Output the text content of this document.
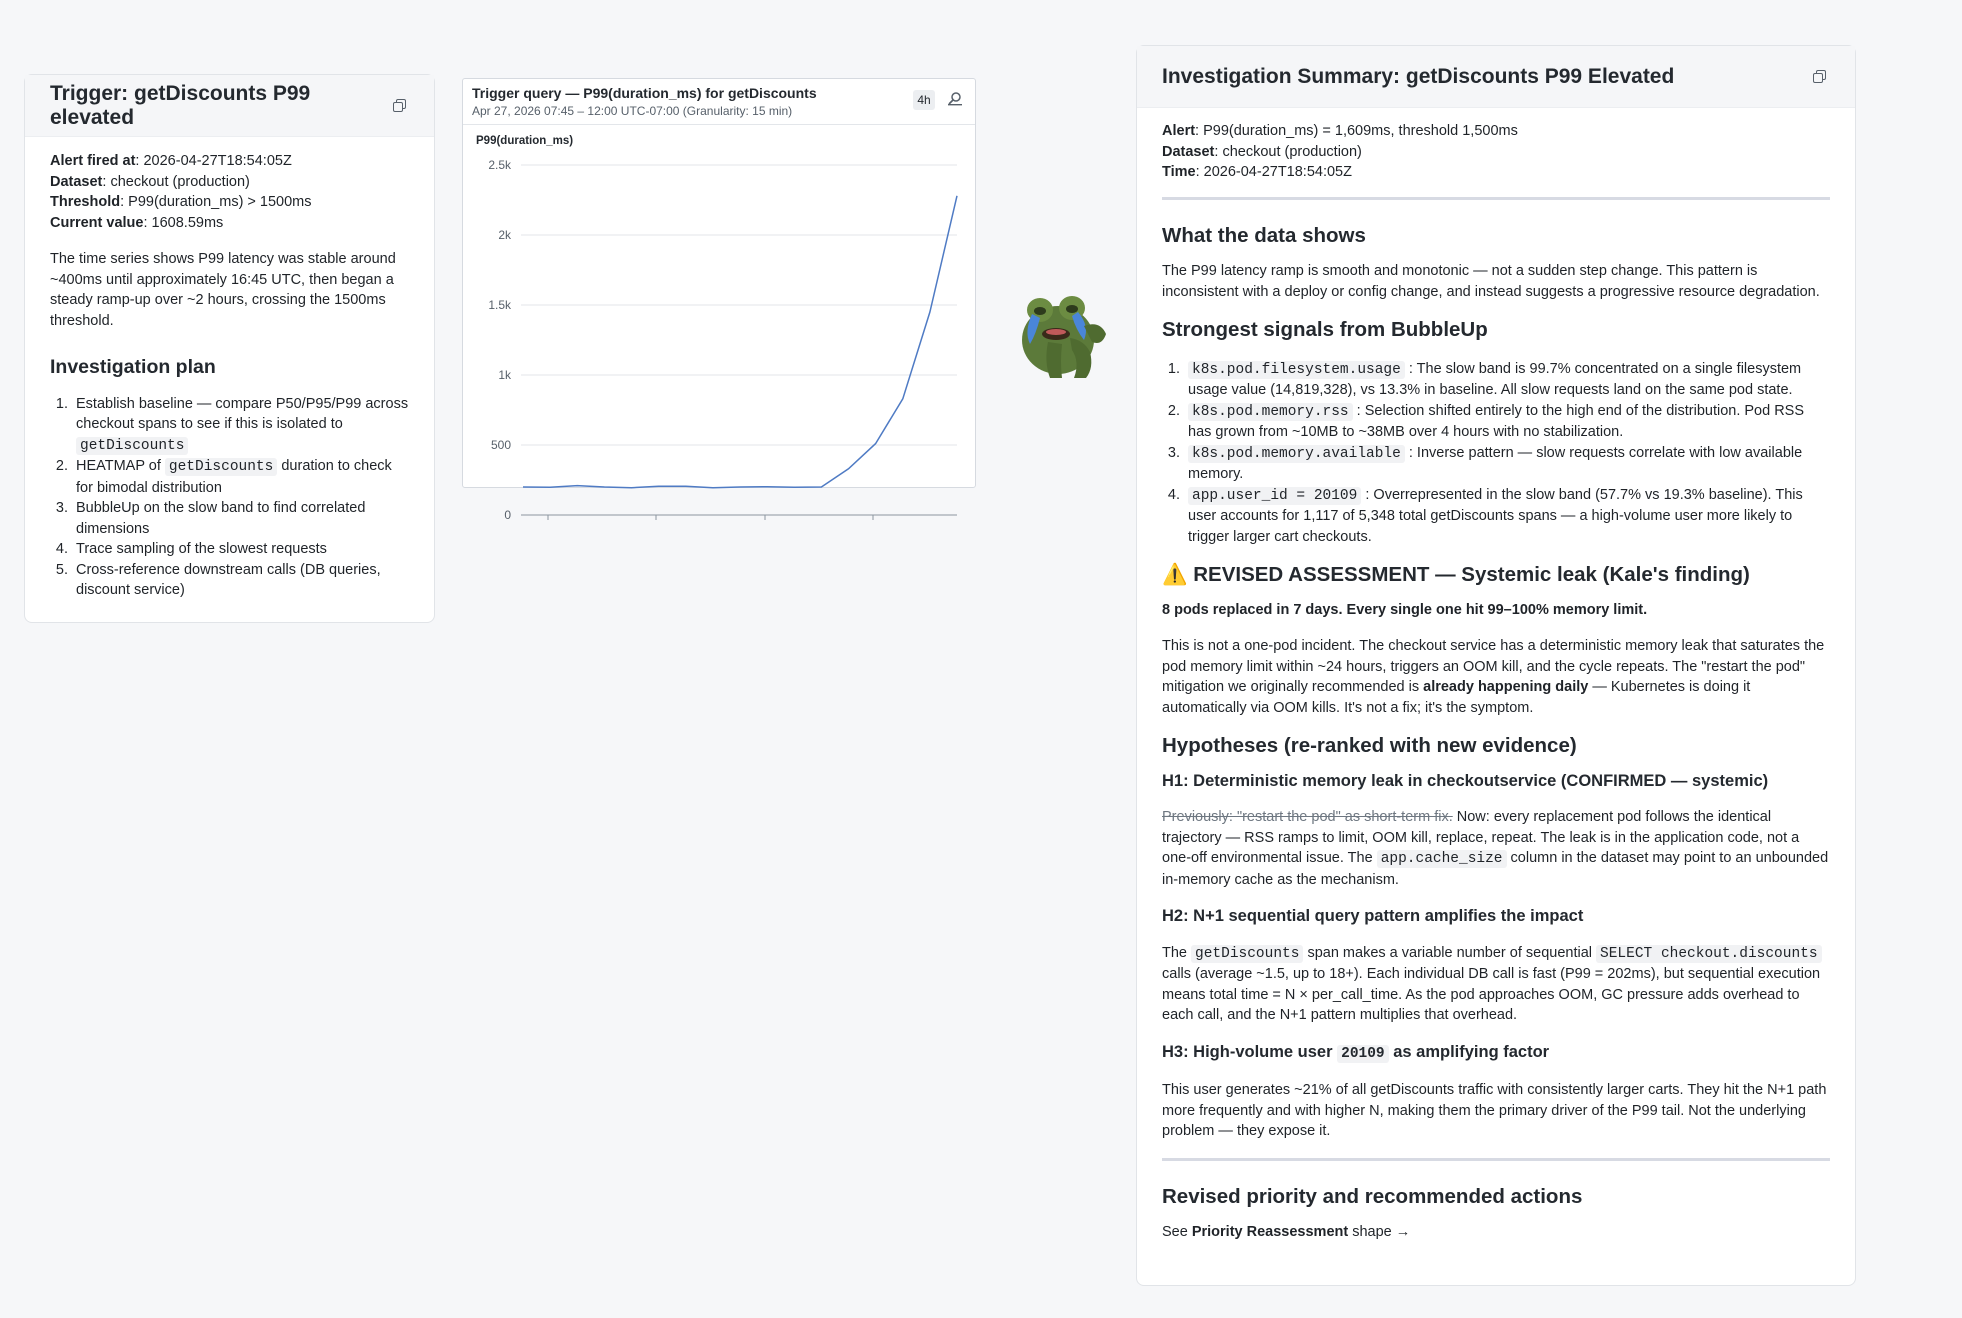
Trigger: getDiscounts P99 elevated

Alert fired at: 2026-04-27T18:54:05Z

Dataset: checkout (production)

Threshold: P99(duration_ms) > 1500ms

Current value: 1608.59ms

The time series shows P99 latency was stable around ~400ms until approximately 16:45 UTC, then began a steady ramp-up over ~2 hours, crossing the 1500ms threshold.

Investigation plan
1. Establish baseline — compare P50/P95/P99 across checkout spans to see if this is isolated to getDiscounts
2. HEATMAP of getDiscounts duration to check for bimodal distribution
3. BubbleUp on the slow band to find correlated dimensions
4. Trace sampling of the slowest requests
5. Cross-reference downstream calls (DB queries, discount service)
Trigger query — P99(duration_ms) for getDiscounts
Apr 27, 2026 07:45 – 12:00 UTC-07:00 (Granularity: 15 min)
4h
P99(duration_ms)
0
500
1k
1.5k
2k
2.5k
Investigation Summary: getDiscounts P99 Elevated

Alert: P99(duration_ms) = 1,609ms, threshold 1,500ms

Dataset: checkout (production)

Time: 2026-04-27T18:54:05Z

What the data shows

The P99 latency ramp is smooth and monotonic — not a sudden step change. This pattern is inconsistent with a deploy or config change, and instead suggests a progressive resource degradation.

Strongest signals from BubbleUp
1. k8s.pod.filesystem.usage : The slow band is 99.7% concentrated on a single filesystem usage value (14,819,328), vs 13.3% in baseline. All slow requests land on the same pod state.
2. k8s.pod.memory.rss : Selection shifted entirely to the high end of the distribution. Pod RSS has grown from ~10MB to ~38MB over 4 hours with no stabilization.
3. k8s.pod.memory.available : Inverse pattern — slow requests correlate with low available memory.
4. app.user_id = 20109 : Overrepresented in the slow band (57.7% vs 19.3% baseline). This user accounts for 1,117 of 5,348 total getDiscounts spans — a high-volume user more likely to trigger larger cart checkouts.
⚠️ REVISED ASSESSMENT — Systemic leak (Kale's finding)

8 pods replaced in 7 days. Every single one hit 99–100% memory limit.

This is not a one-pod incident. The checkout service has a deterministic memory leak that saturates the pod memory limit within ~24 hours, triggers an OOM kill, and the cycle repeats. The "restart the pod" mitigation we originally recommended is already happening daily — Kubernetes is doing it automatically via OOM kills. It's not a fix; it's the symptom.

Hypotheses (re-ranked with new evidence)
H1: Deterministic memory leak in checkoutservice (CONFIRMED — systemic)

Previously: "restart the pod" as short-term fix. Now: every replacement pod follows the identical trajectory — RSS ramps to limit, OOM kill, replace, repeat. The leak is in the application code, not a one-off environmental issue. The app.cache_size column in the dataset may point to an unbounded in-memory cache as the mechanism.

H2: N+1 sequential query pattern amplifies the impact

The getDiscounts span makes a variable number of sequential SELECT checkout.discounts calls (average ~1.5, up to 18+). Each individual DB call is fast (P99 = 202ms), but sequential execution means total time = N × per_call_time. As the pod approaches OOM, GC pressure adds overhead to each call, and the N+1 pattern multiplies that overhead.

H3: High-volume user 20109 as amplifying factor

This user generates ~21% of all getDiscounts traffic with consistently larger carts. They hit the N+1 path more frequently and with higher N, making them the primary driver of the P99 tail. Not the underlying problem — they expose it.

Revised priority and recommended actions

See Priority Reassessment shape →
